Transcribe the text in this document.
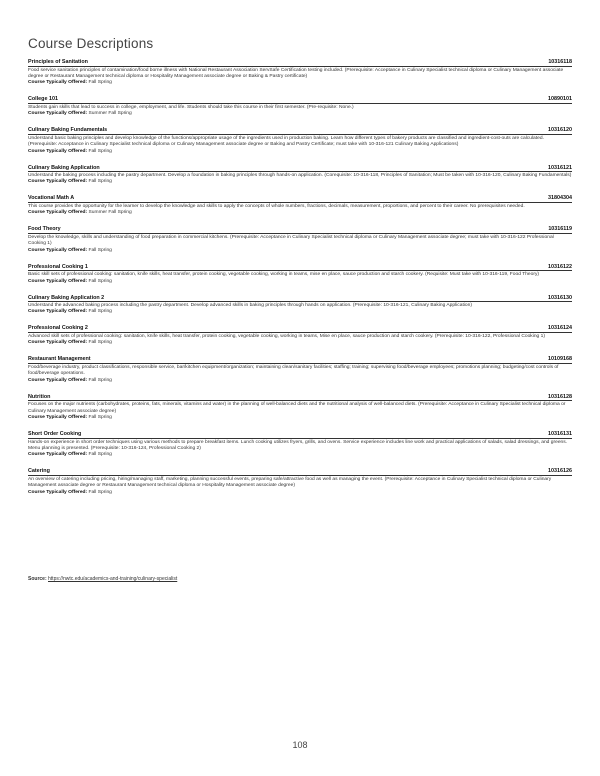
Course Descriptions
Principles of Sanitation	10316118
Food service sanitation principles of contamination/food borne illness with National Restaurant Association ServSafe Certification testing included. (Prerequisite: Acceptance in Culinary Specialist technical diploma or Culinary Management associate degree or Restaurant Management technical diploma or Hospitality Management associate degree or Baking & Pastry certificate)
Course Typically Offered: Fall Spring
College 101	10890101
Students gain skills that lead to success in college, employment, and life. Students should take this course in their first semester. (Pre-requisite: None.)
Course Typically Offered: Summer Fall Spring
Culinary Baking Fundamentals	10316120
Understand basic baking principles and develop knowledge of the functions/appropriate usage of the ingredients used in production baking. Learn how different types of bakery products are classified and ingredient-cost-outs are calculated. (Prerequisite: Acceptance in Culinary Specialist technical diploma or Culinary Management associate degree or Baking and Pastry Certificate; must take with 10-316-121 Culinary Baking Applications)
Course Typically Offered: Fall Spring
Culinary Baking Application	10316121
Understand the baking process including the pastry department. Develop a foundation in baking principles through hands-on application. (Corequisite: 10-316-118, Principles of Sanitation; Must be taken with 10-316-120, Culinary Baking Fundamentals)
Course Typically Offered: Fall Spring
Vocational Math A	31804304
This course provides the opportunity for the learner to develop the knowledge and skills to apply the concepts of whole numbers, fractions, decimals, measurement, proportions, and percent to their career. No prerequisites needed.
Course Typically Offered: Summer Fall Spring
Food Theory	10316119
Develop the knowledge, skills and understanding of food preparation in commercial kitchens. (Prerequisite: Acceptance in Culinary Specialist technical diploma or Culinary Management associate degree; must take with 10-316-122 Professional Cooking 1)
Course Typically Offered: Fall Spring
Professional Cooking 1	10316122
Basic skill sets of professional cooking: sanitation, knife skills, heat transfer, protein cooking, vegetable cooking, working in teams, mise en place, sauce production and starch cookery. (Requisite: Must take with 10-316-119, Food Theory)
Course Typically Offered: Fall Spring
Culinary Baking Application 2	10316130
Understand the advanced baking process including the pastry department. Develop advanced skills in baking principles through hands on application. (Prerequisite: 10-316-121, Culinary Baking Application)
Course Typically Offered: Fall Spring
Professional Cooking 2	10316124
Advanced skill sets of professional cooking: sanitation, knife skills, heat transfer, protein cooking, vegetable cooking, working in teams, Mise en place, sauce production and starch cookery. (Prerequisite: 10-316-122, Professional Cooking 1)
Course Typically Offered: Fall Spring
Restaurant Management	10109168
Food/beverage industry, product classifications, responsible service, bar/kitchen equipment/organization; maintaining clean/sanitary facilities; staffing; training; supervising food/beverage employees; promotions planning; budgeting/cost controls of food/beverage operations.
Course Typically Offered: Fall Spring
Nutrition	10316128
Focuses on the major nutrients (carbohydrates, proteins, fats, minerals, vitamins and water) in the planning of well-balanced diets and the nutritional analysis of well-balanced diets. (Prerequisite: Acceptance in Culinary Specialist technical diploma or Culinary Management associate degree)
Course Typically Offered: Fall Spring
Short Order Cooking	10316131
Hands-on experience in short order techniques using various methods to prepare breakfast items. Lunch cooking utilizes fryers, grills, and ovens. Service experience includes line work and practical applications of salads, salad dressings, and greens. Menu planning is presented. (Prerequisite: 10-316-124, Professional Cooking 2)
Course Typically Offered: Fall Spring
Catering	10316126
An overview of catering including pricing, hiring/managing staff, marketing, planning successful events, preparing safe/attractive food as well as managing the event. (Prerequisite: Acceptance in Culinary Specialist technical diploma or Culinary Management associate degree or Restaurant Management technical diploma or Hospitality Management associate degree)
Course Typically Offered: Fall Spring
Source: https://nwtc.edu/academics-and-training/culinary-specialist
108
